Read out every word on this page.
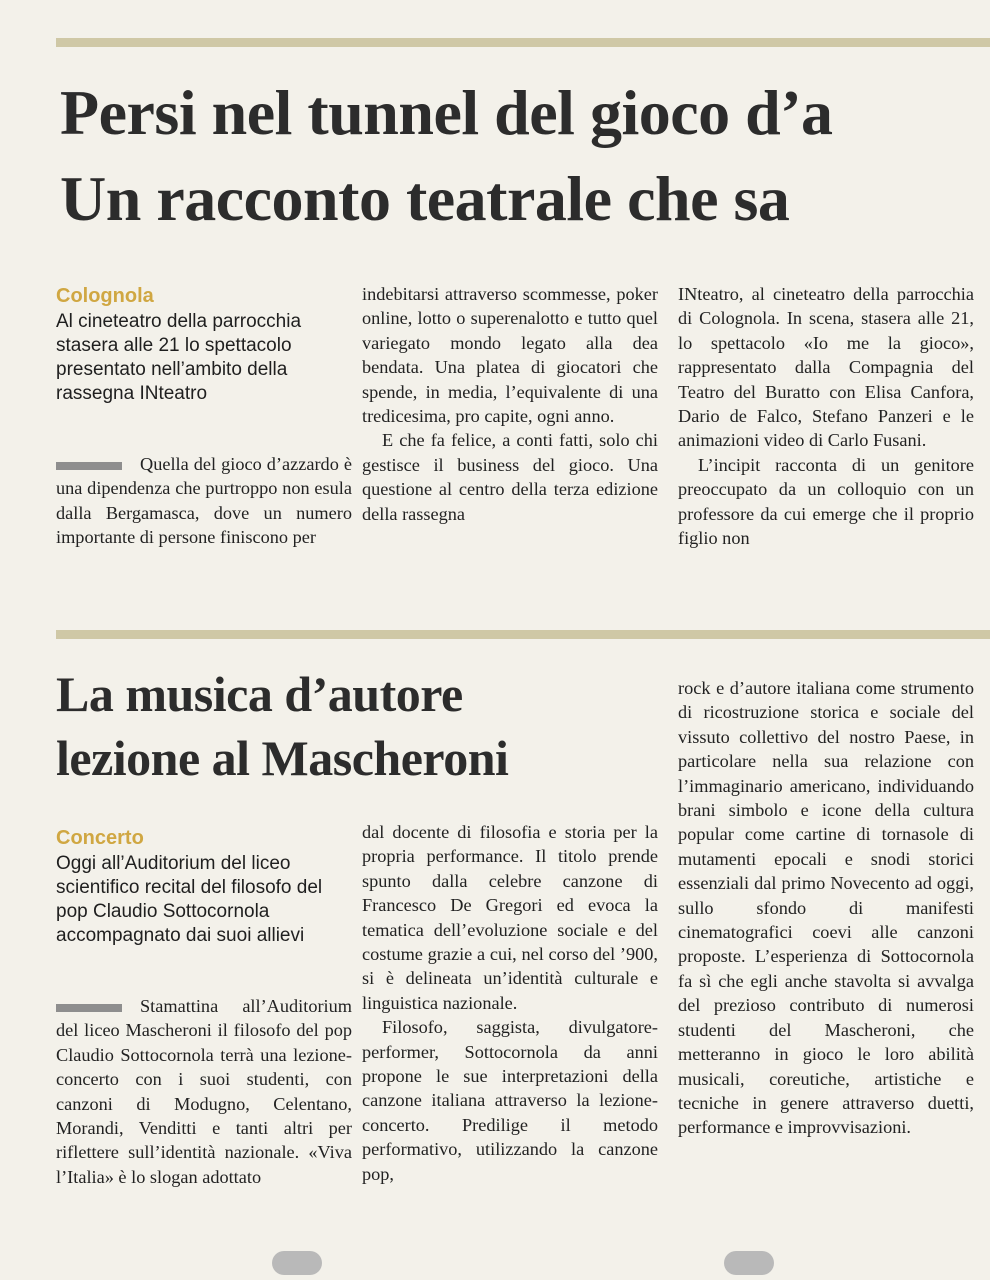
Persi nel tunnel del gioco d’a
Un racconto teatrale che sa
Colognola

Al cineteatro della parrocchia stasera alle 21 lo spettacolo presentato nell’ambito della rassegna INteatro

Quella del gioco d’azzardo è una dipendenza che purtroppo non esula dalla Bergamasca, dove un numero importante di persone finiscono per

indebitarsi attraverso scommesse, poker online, lotto o superenalotto e tutto quel variegato mondo legato alla dea bendata. Una platea di giocatori che spende, in media, l’equivalente di una tredicesima, pro capite, ogni anno.

E che fa felice, a conti fatti, solo chi gestisce il business del gioco. Una questione al centro della terza edizione della rassegna

INteatro, al cineteatro della parrocchia di Colognola. In scena, stasera alle 21, lo spettacolo «Io me la gioco», rappresentato dalla Compagnia del Teatro del Buratto con Elisa Canfora, Dario de Falco, Stefano Panzeri e le animazioni video di Carlo Fusani.

L’incipit racconta di un genitore preoccupato da un colloquio con un professore da cui emerge che il proprio figlio non

La musica d’autore
lezione al Mascheroni
Concerto

Oggi all’Auditorium del liceo scientifico recital del filosofo del pop Claudio Sottocornola accompagnato dai suoi allievi

Stamattina all’Auditorium del liceo Mascheroni il filosofo del pop Claudio Sottocornola terrà una lezione-concerto con i suoi studenti, con canzoni di Modugno, Celentano, Morandi, Venditti e tanti altri per riflettere sull’identità nazionale. «Viva l’Italia» è lo slogan adottato

dal docente di filosofia e storia per la propria performance. Il titolo prende spunto dalla celebre canzone di Francesco De Gregori ed evoca la tematica dell’evoluzione sociale e del costume grazie a cui, nel corso del ’900, si è delineata un’identità culturale e linguistica nazionale.

Filosofo, saggista, divulgatore-performer, Sottocornola da anni propone le sue interpretazioni della canzone italiana attraverso la lezione-concerto. Predilige il metodo performativo, utilizzando la canzone pop,

rock e d’autore italiana come strumento di ricostruzione storica e sociale del vissuto collettivo del nostro Paese, in particolare nella sua relazione con l’immaginario americano, individuando brani simbolo e icone della cultura popular come cartine di tornasole di mutamenti epocali e snodi storici essenziali dal primo Novecento ad oggi, sullo sfondo di manifesti cinematografici coevi alle canzoni proposte. L’esperienza di Sottocornola fa sì che egli anche stavolta si avvalga del prezioso contributo di numerosi studenti del Mascheroni, che metteranno in gioco le loro abilità musicali, coreutiche, artistiche e tecniche in genere attraverso duetti, performance e improvvisazioni.
